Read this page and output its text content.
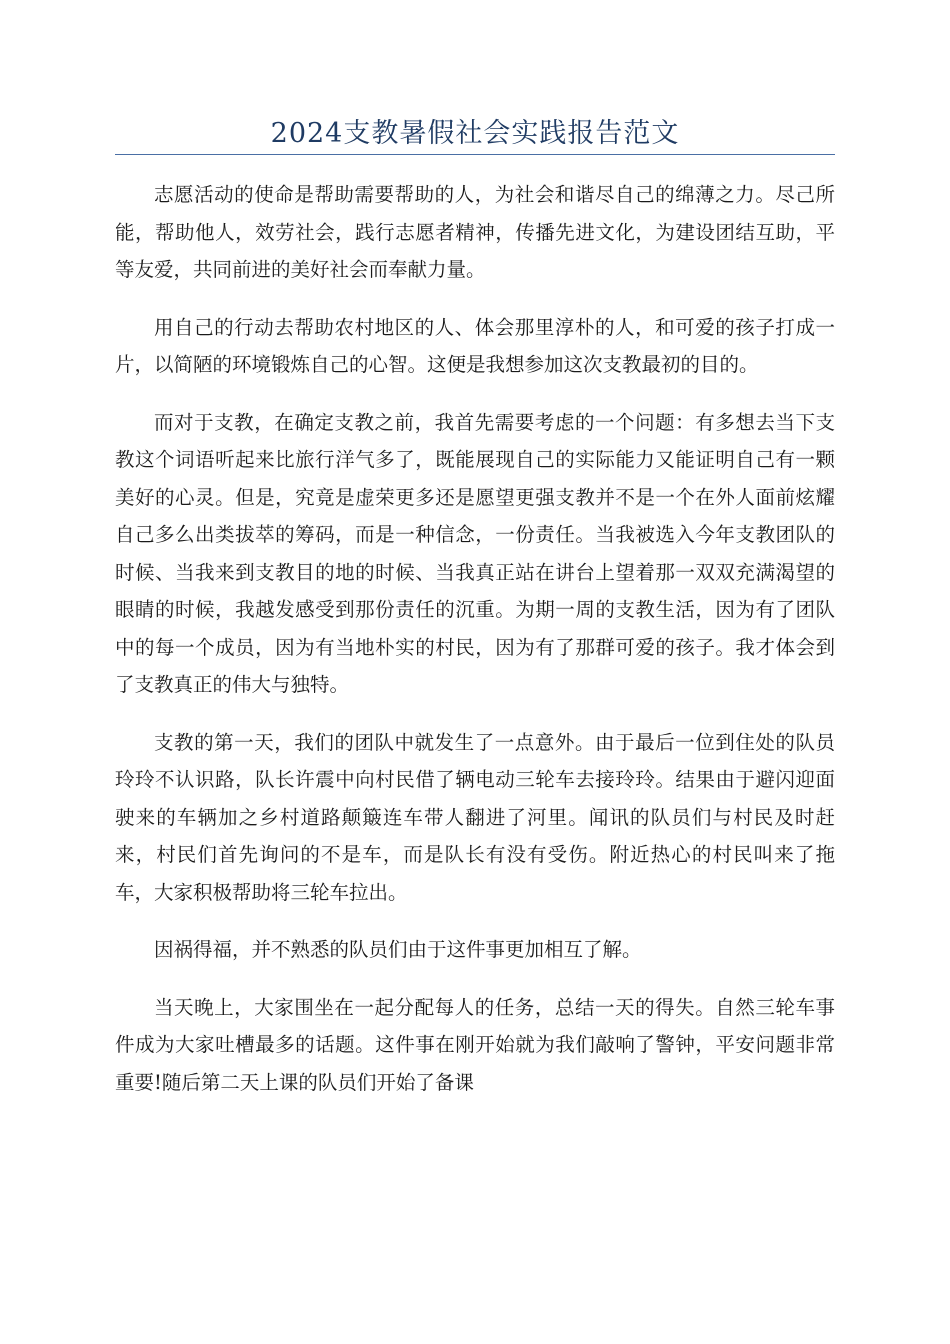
2024支教暑假社会实践报告范文

志愿活动的使命是帮助需要帮助的人，为社会和谐尽自己的绵薄之力。尽己所能，帮助他人，效劳社会，践行志愿者精神，传播先进文化，为建设团结互助，平等友爱，共同前进的美好社会而奉献力量。

用自己的行动去帮助农村地区的人、体会那里淳朴的人，和可爱的孩子打成一片，以简陋的环境锻炼自己的心智。这便是我想参加这次支教最初的目的。

而对于支教，在确定支教之前，我首先需要考虑的一个问题：有多想去当下支教这个词语听起来比旅行洋气多了，既能展现自己的实际能力又能证明自己有一颗美好的心灵。但是，究竟是虚荣更多还是愿望更强支教并不是一个在外人面前炫耀自己多么出类拔萃的筹码，而是一种信念，一份责任。当我被选入今年支教团队的时候、当我来到支教目的地的时候、当我真正站在讲台上望着那一双双充满渴望的眼睛的时候，我越发感受到那份责任的沉重。为期一周的支教生活，因为有了团队中的每一个成员，因为有当地朴实的村民，因为有了那群可爱的孩子。我才体会到了支教真正的伟大与独特。

支教的第一天，我们的团队中就发生了一点意外。由于最后一位到住处的队员玲玲不认识路，队长许震中向村民借了辆电动三轮车去接玲玲。结果由于避闪迎面驶来的车辆加之乡村道路颠簸连车带人翻进了河里。闻讯的队员们与村民及时赶来，村民们首先询问的不是车，而是队长有没有受伤。附近热心的村民叫来了拖车，大家积极帮助将三轮车拉出。

因祸得福，并不熟悉的队员们由于这件事更加相互了解。

当天晚上，大家围坐在一起分配每人的任务，总结一天的得失。自然三轮车事件成为大家吐槽最多的话题。这件事在刚开始就为我们敲响了警钟，平安问题非常重要!随后第二天上课的队员们开始了备课
